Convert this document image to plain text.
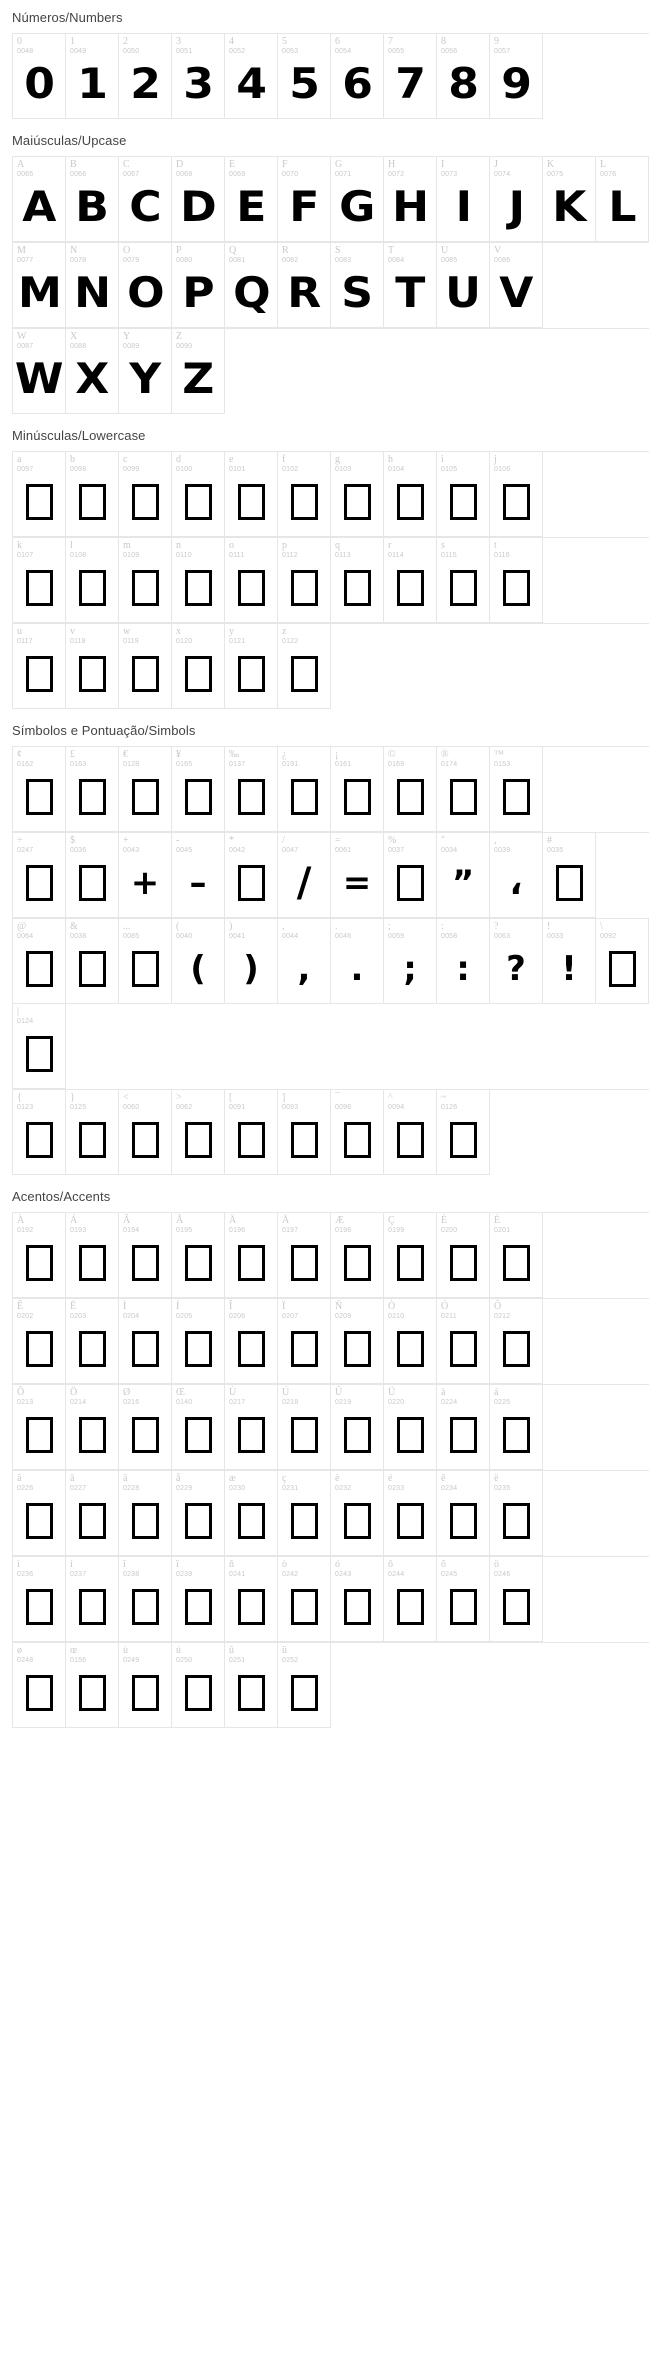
Números/Numbers
0
0048
0
1
0049
1
2
0050
2
3
0051
3
4
0052
4
5
0053
5
6
0054
6
7
0055
7
8
0056
8
9
0057
9
Maiúsculas/Upcase
A
0065
A
B
0066
B
C
0067
C
D
0068
D
E
0069
E
F
0070
F
G
0071
G
H
0072
H
I
0073
I
J
0074
J
K
0075
K
L
0076
L
M
0077
M
N
0078
N
O
0079
O
P
0080
P
Q
0081
Q
R
0082
R
S
0083
S
T
0084
T
U
0085
U
V
0086
V
W
0087
W
X
0088
X
Y
0089
Y
Z
0090
Z
Minúsculas/Lowercase
a
0097
b
0098
c
0099
d
0100
e
0101
f
0102
g
0103
h
0104
i
0105
j
0106
k
0107
l
0108
m
0109
n
0110
o
0111
p
0112
q
0113
r
0114
s
0115
t
0116
u
0117
v
0118
w
0119
x
0120
y
0121
z
0122
Símbolos e Pontuação/Simbols
¢
0162
£
0163
€
0128
¥
0165
‰
0137
¿
0191
¡
0161
©
0169
®
0174
™
0153
÷
0247
$
0036
+
0043
+
-
0045
–
*
0042
/
0047
/
=
0061
=
%
0037
"
0034
”
,
0039
،
#
0035
@
0064
&
0038
...
0085
(
0040
(
)
0041
)
,
0044
,
.
0046
.
;
0059
;
:
0058
:
?
0063
?
!
0033
!
\
0092
|
0124
{
0123
}
0125
<
0060
>
0062
[
0091
]
0093
¯
0096
^
0094
~
0126
Acentos/Accents
À
0192
Á
0193
Â
0194
Ã
0195
Ä
0196
Å
0197
Æ
0198
Ç
0199
È
0200
É
0201
Ê
0202
Ë
0203
Ì
0204
Í
0205
Î
0206
Ï
0207
Ñ
0209
Ò
0210
Ó
0211
Ô
0212
Õ
0213
Ö
0214
Ø
0216
Œ
0140
Ù
0217
Ú
0218
Û
0219
Ü
0220
à
0224
á
0225
â
0226
ã
0227
ä
0228
å
0229
æ
0230
ç
0231
è
0232
é
0233
ê
0234
ë
0235
ì
0236
í
0237
î
0238
ï
0239
ñ
0241
ò
0242
ó
0243
ô
0244
õ
0245
ö
0246
ø
0248
œ
0156
ù
0249
ú
0250
û
0251
ü
0252
